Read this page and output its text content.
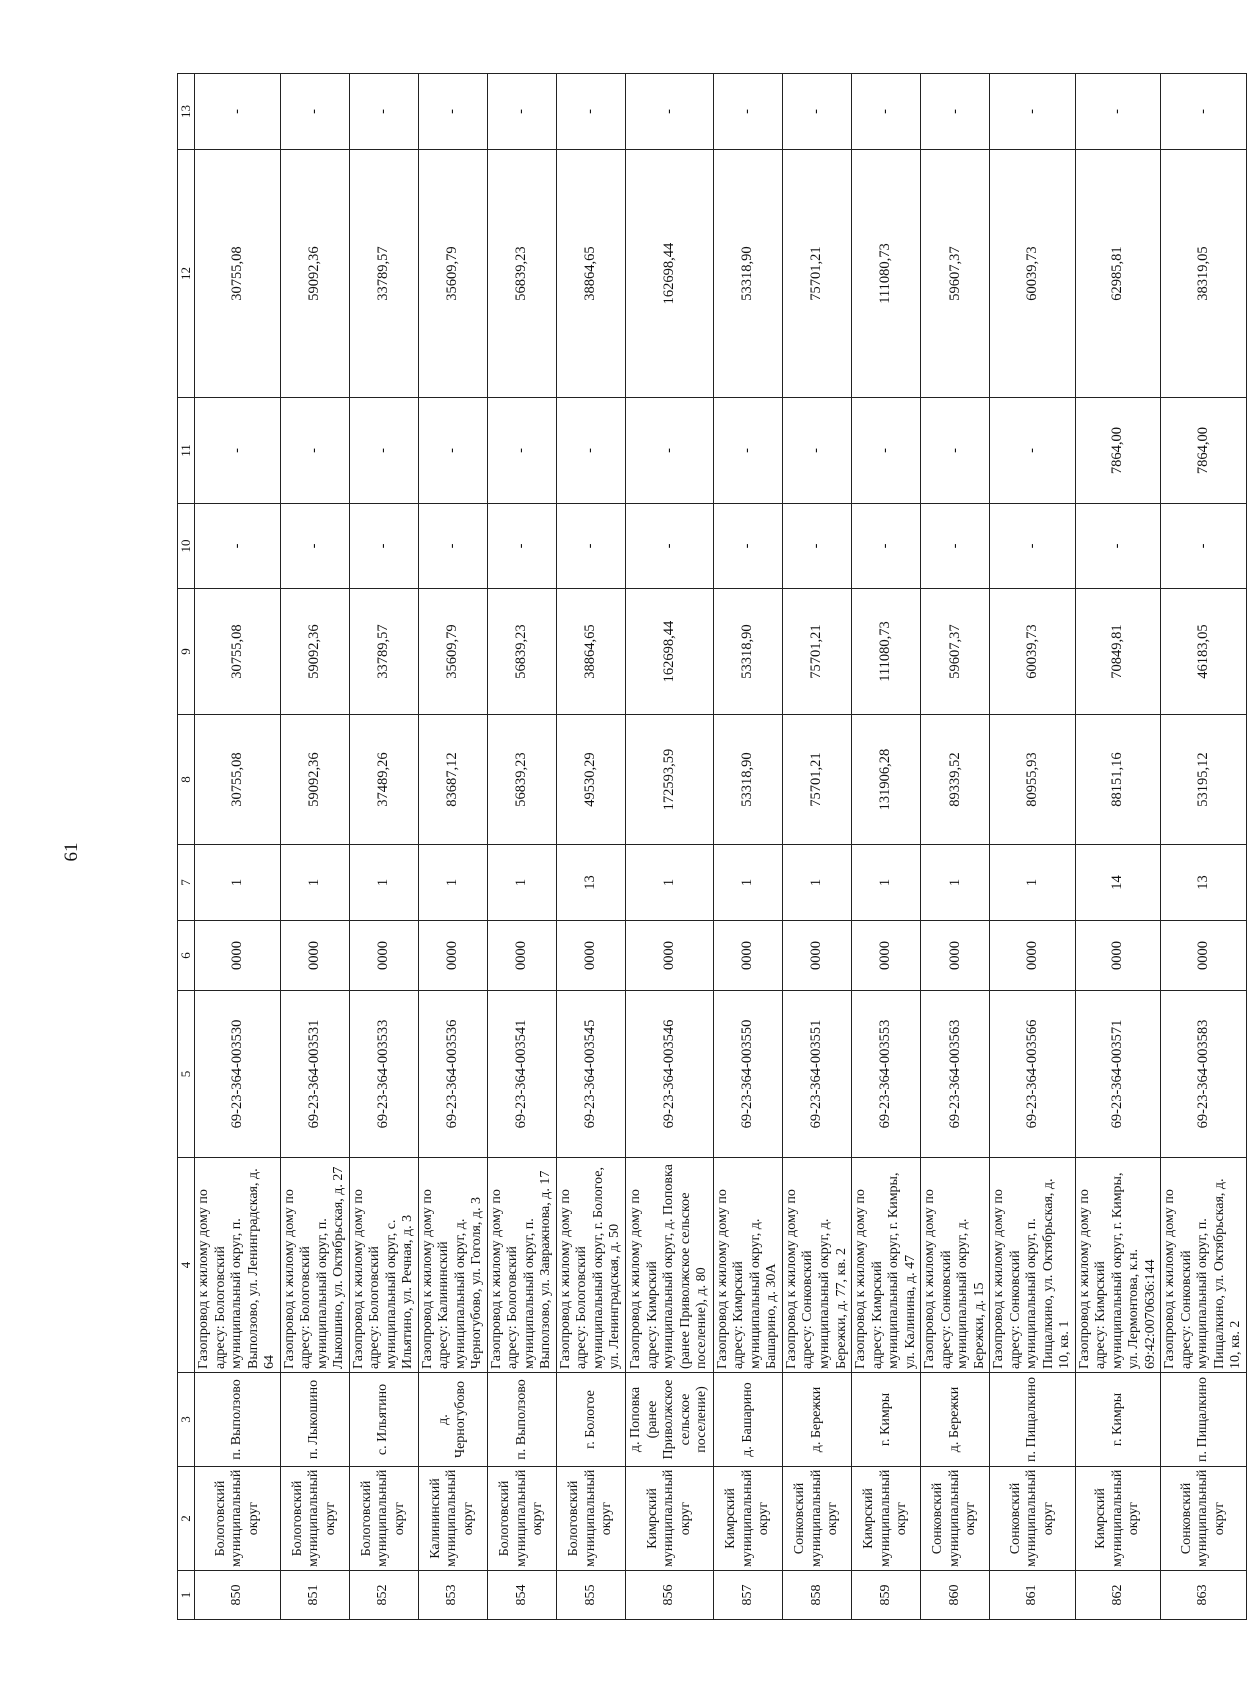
61
1	2	3	4	5	6	7	8	9	10	11	12	13
850	Бологовский муниципальный округ	п. Выползово	Газопровод к жилому дому по адресу: Бологовский муниципальный округ, п. Выползово, ул. Ленинградская, д. 64	69-23-364-003530	0000	1	30755,08	30755,08	-	-	30755,08	-
851	Бологовский муниципальный округ	п. Лыкошино	Газопровод к жилому дому по адресу: Бологовский муниципальный округ, п. Лыкошино, ул. Октябрьская, д. 27	69-23-364-003531	0000	1	59092,36	59092,36	-	-	59092,36	-
852	Бологовский муниципальный округ	с. Ильятино	Газопровод к жилому дому по адресу: Бологовский муниципальный округ, с. Ильятино, ул. Речная, д. 3	69-23-364-003533	0000	1	37489,26	33789,57	-	-	33789,57	-
853	Калининский муниципальный округ	д. Черногубово	Газопровод к жилому дому по адресу: Калининский муниципальный округ, д. Черногубово, ул. Гоголя, д. 3	69-23-364-003536	0000	1	83687,12	35609,79	-	-	35609,79	-
854	Бологовский муниципальный округ	п. Выползово	Газопровод к жилому дому по адресу: Бологовский муниципальный округ, п. Выползово, ул. Завражнова, д. 17	69-23-364-003541	0000	1	56839,23	56839,23	-	-	56839,23	-
855	Бологовский муниципальный округ	г. Бологое	Газопровод к жилому дому по адресу: Бологовский муниципальный округ, г. Бологое, ул. Ленинградская, д. 50	69-23-364-003545	0000	13	49530,29	38864,65	-	-	38864,65	-
856	Кимрский муниципальный округ	д. Поповка (ранее Приволжское сельское поселение)	Газопровод к жилому дому по адресу: Кимрский муниципальный округ, д. Поповка (ранее Приволжское сельское поселение), д. 80	69-23-364-003546	0000	1	172593,59	162698,44	-	-	162698,44	-
857	Кимрский муниципальный округ	д. Башарино	Газопровод к жилому дому по адресу: Кимрский муниципальный округ, д. Башарино, д. 30А	69-23-364-003550	0000	1	53318,90	53318,90	-	-	53318,90	-
858	Сонковский муниципальный округ	д. Бережки	Газопровод к жилому дому по адресу: Сонковский муниципальный округ, д. Бережки, д. 77, кв. 2	69-23-364-003551	0000	1	75701,21	75701,21	-	-	75701,21	-
859	Кимрский муниципальный округ	г. Кимры	Газопровод к жилому дому по адресу: Кимрский муниципальный округ, г. Кимры, ул. Калинина, д. 47	69-23-364-003553	0000	1	131906,28	111080,73	-	-	111080,73	-
860	Сонковский муниципальный округ	д. Бережки	Газопровод к жилому дому по адресу: Сонковский муниципальный округ, д. Бережки, д. 15	69-23-364-003563	0000	1	89339,52	59607,37	-	-	59607,37	-
861	Сонковский муниципальный округ	п. Пищалкино	Газопровод к жилому дому по адресу: Сонковский муниципальный округ, п. Пищалкино, ул. Октябрьская, д. 10, кв. 1	69-23-364-003566	0000	1	80955,93	60039,73	-	-	60039,73	-
862	Кимрский муниципальный округ	г. Кимры	Газопровод к жилому дому по адресу: Кимрский муниципальный округ, г. Кимры, ул. Лермонтова, к.н. 69:42:0070636:144	69-23-364-003571	0000	14	88151,16	70849,81	-	7864,00	62985,81	-
863	Сонковский муниципальный округ	п. Пищалкино	Газопровод к жилому дому по адресу: Сонковский муниципальный округ, п. Пищалкино, ул. Октябрьская, д. 10, кв. 2	69-23-364-003583	0000	13	53195,12	46183,05	-	7864,00	38319,05	-
